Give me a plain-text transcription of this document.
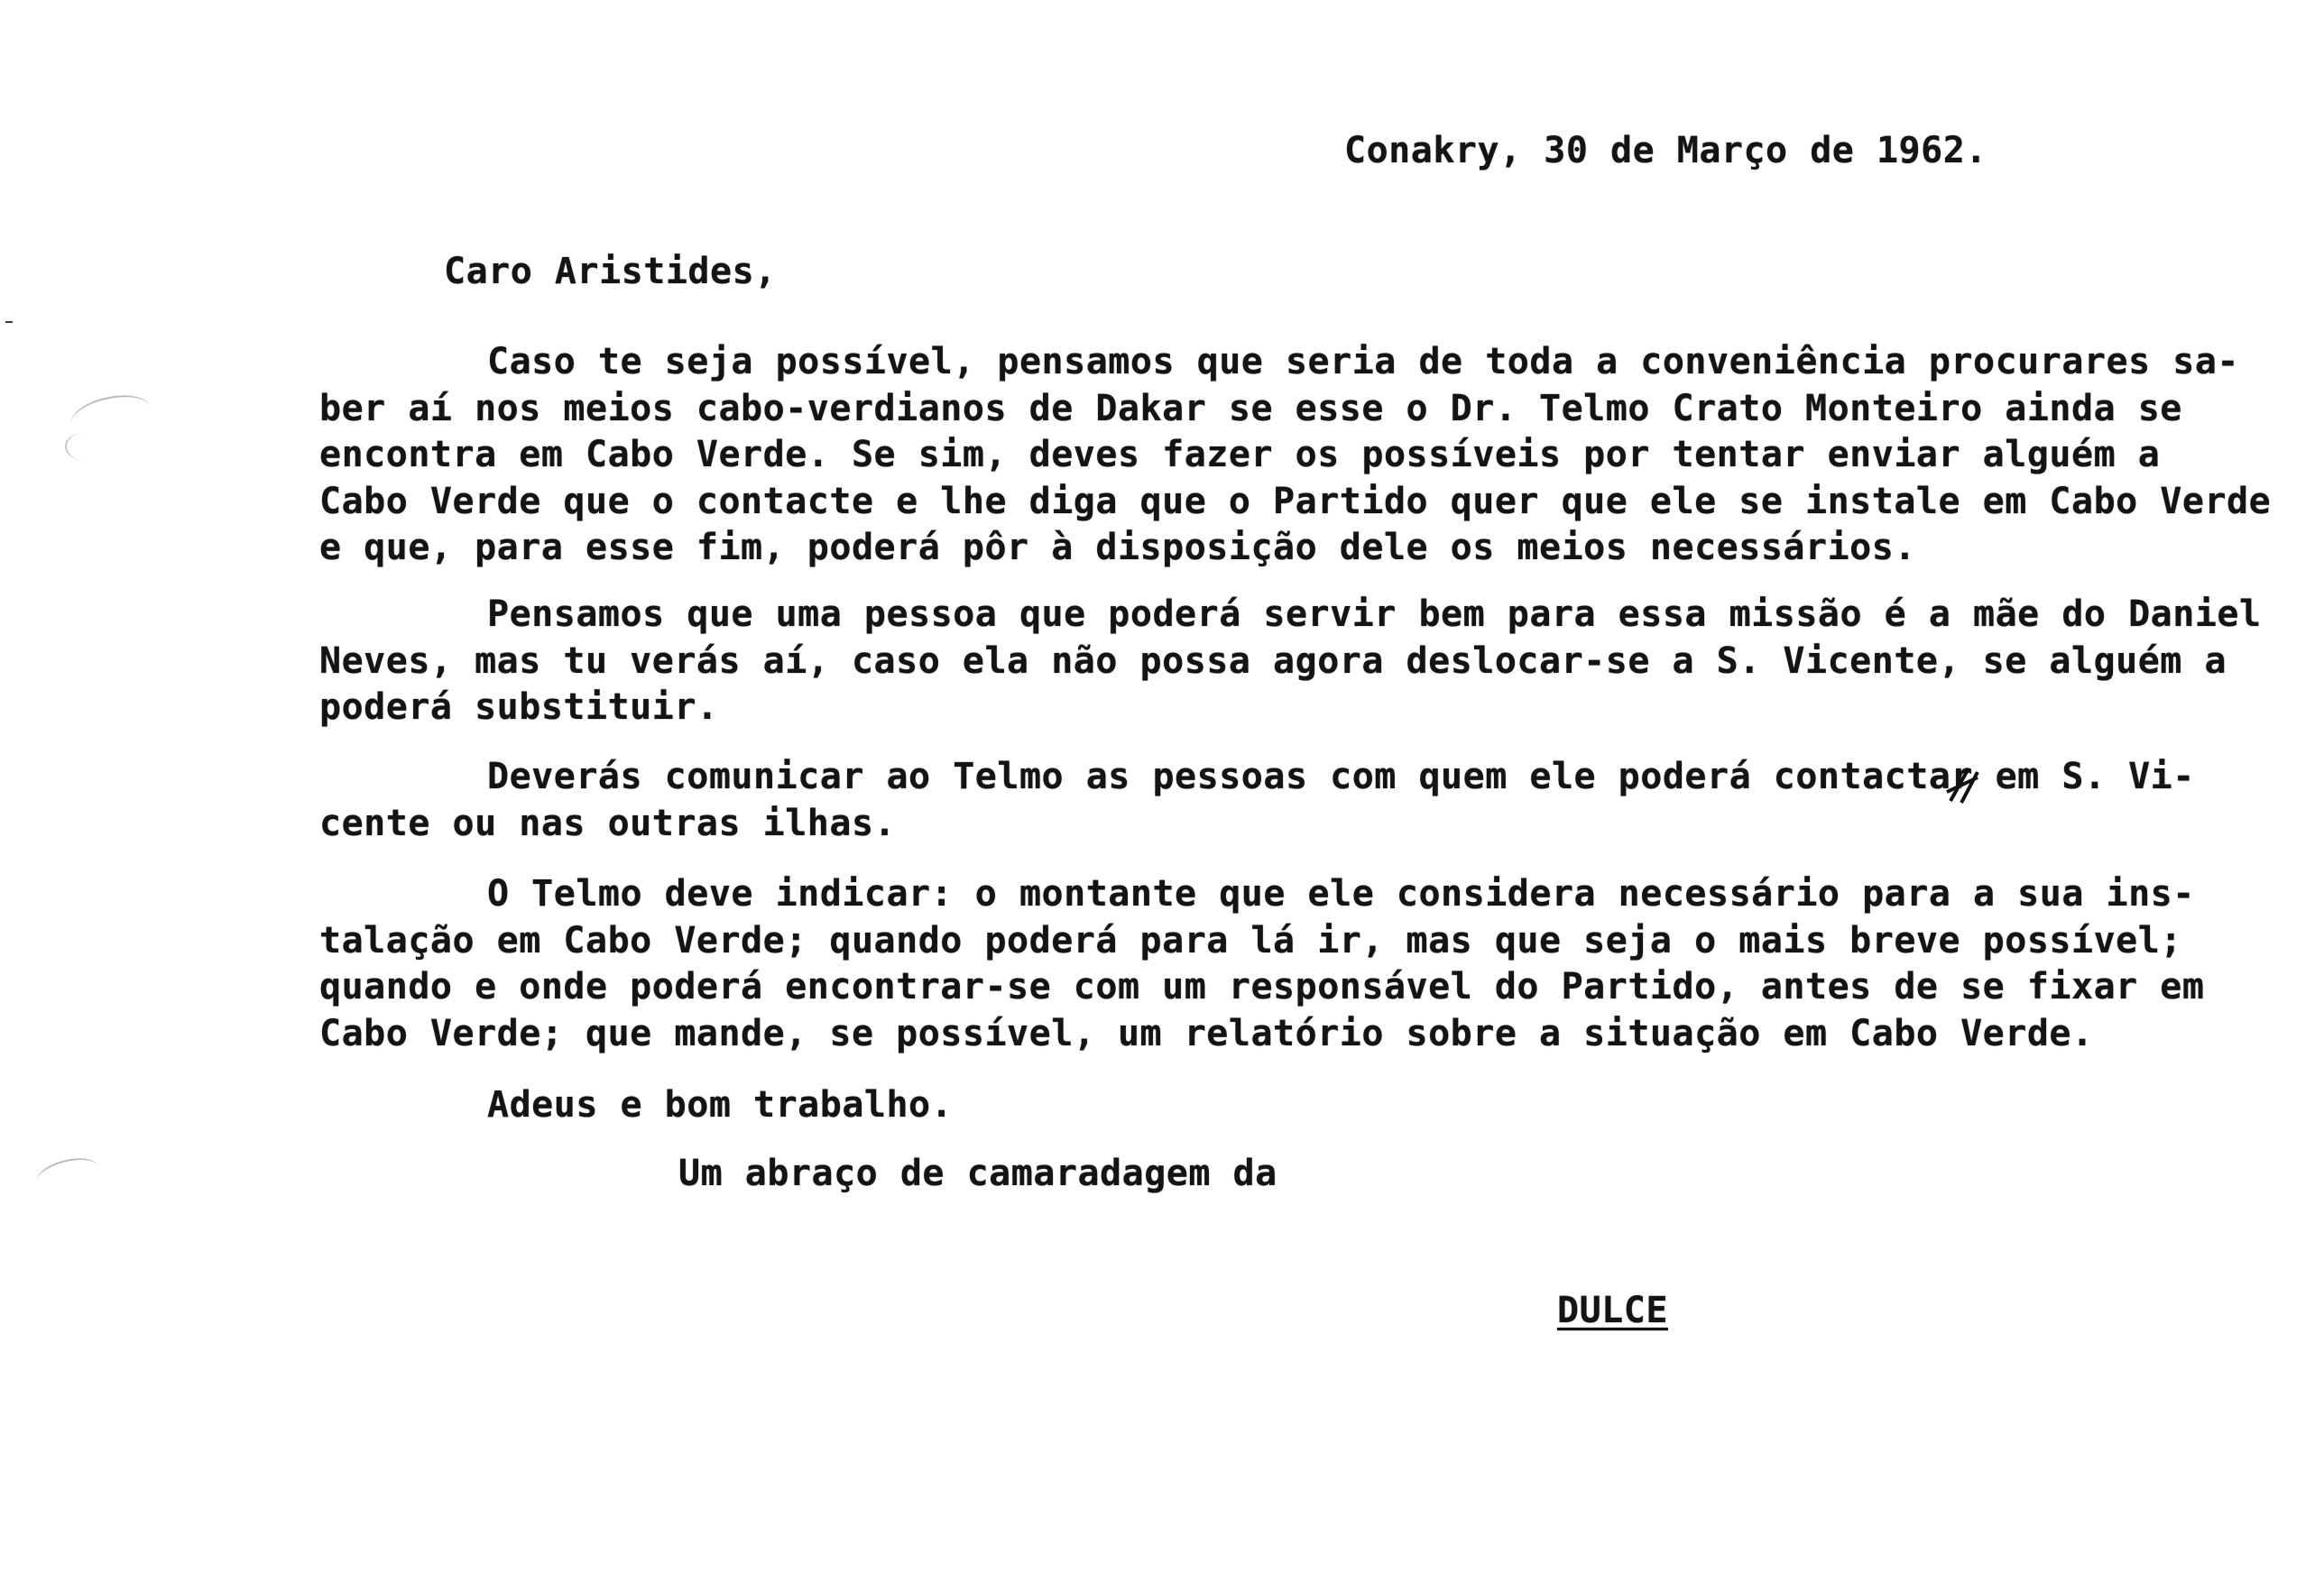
Conakry, 30 de Março de 1962.
Caro Aristides,
Caso te seja possível, pensamos que seria de toda a conveniência procurares sa-
ber aí nos meios cabo-verdianos de Dakar se esse o Dr. Telmo Crato Monteiro ainda se
encontra em Cabo Verde. Se sim, deves fazer os possíveis por tentar enviar alguém a
Cabo Verde que o contacte e lhe diga que o Partido quer que ele se instale em Cabo Verde
e que, para esse fim, poderá pôr à disposição dele os meios necessários.
Pensamos que uma pessoa que poderá servir bem para essa missão é a mãe do Daniel
Neves, mas tu verás aí, caso ela não possa agora deslocar-se a S. Vicente, se alguém a
poderá substituir.
Deverás comunicar ao Telmo as pessoas com quem ele poderá contactar em S. Vi-
cente ou nas outras ilhas.
O Telmo deve indicar: o montante que ele considera necessário para a sua ins-
talação em Cabo Verde; quando poderá para lá ir, mas que seja o mais breve possível;
quando e onde poderá encontrar-se com um responsável do Partido, antes de se fixar em
Cabo Verde; que mande, se possível, um relatório sobre a situação em Cabo Verde.
Adeus e bom trabalho.
Um abraço de camaradagem da
DULCE
